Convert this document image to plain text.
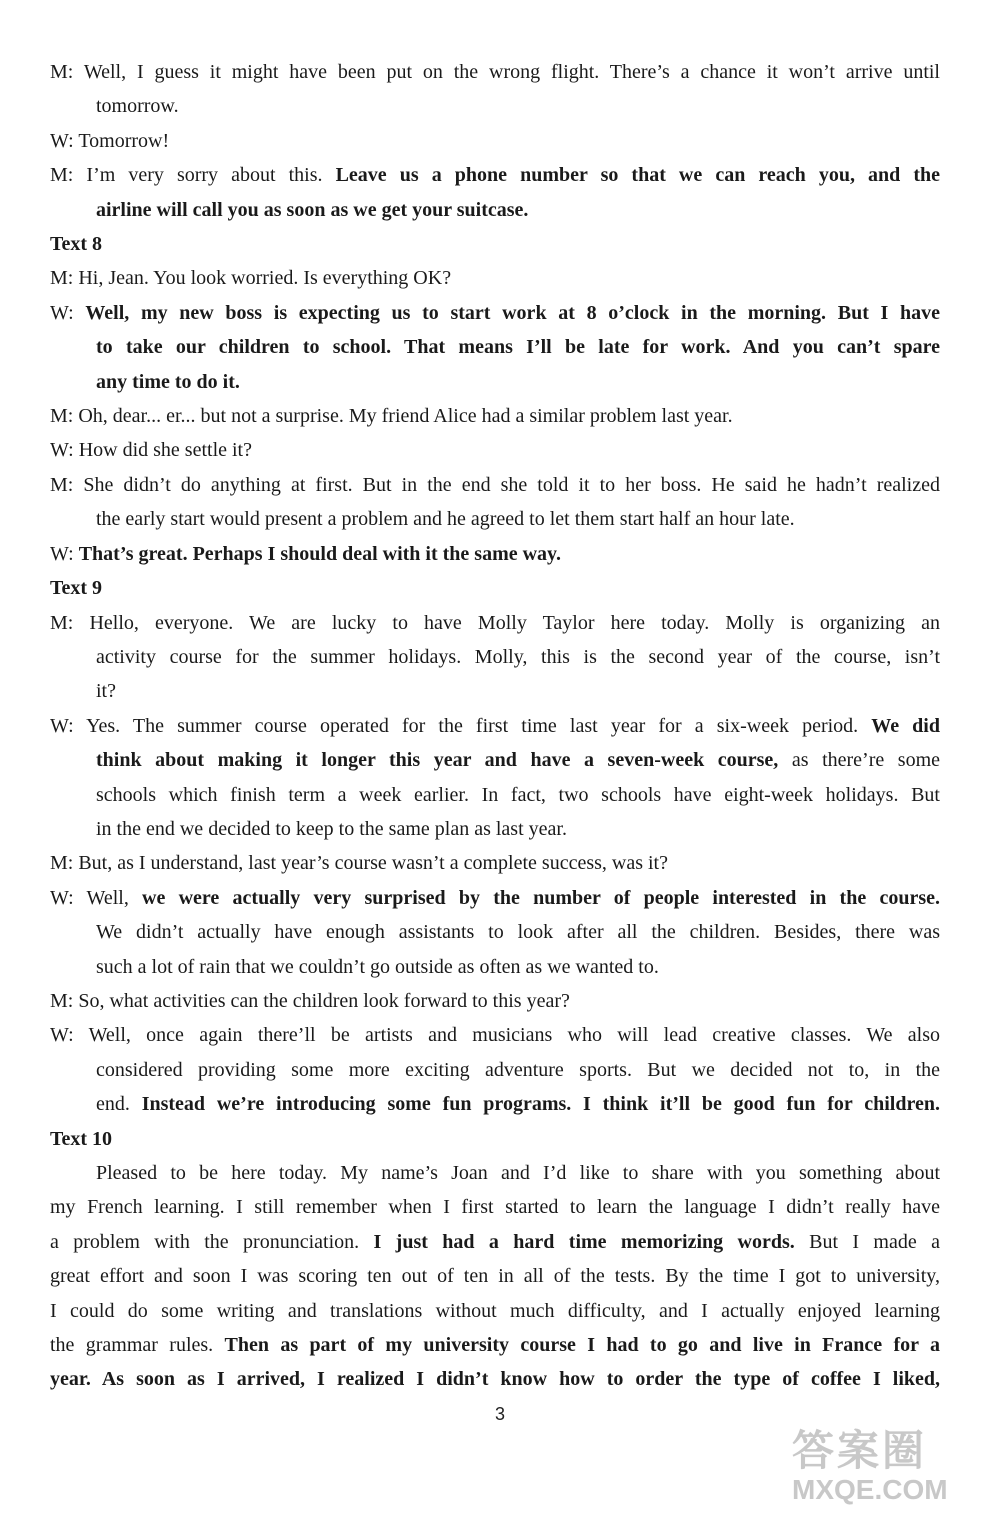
M: Well, I guess it might have been put on the wrong flight. There’s a chance it won’t arrive until
tomorrow.
W: Tomorrow!
M: I’m very sorry about this. Leave us a phone number so that we can reach you, and the
airline will call you as soon as we get your suitcase.
Text 8
M: Hi, Jean. You look worried. Is everything OK?
W: Well, my new boss is expecting us to start work at 8 o’clock in the morning. But I have
to take our children to school. That means I’ll be late for work. And you can’t spare
any time to do it.
M: Oh, dear... er... but not a surprise. My friend Alice had a similar problem last year.
W: How did she settle it?
M: She didn’t do anything at first. But in the end she told it to her boss. He said he hadn’t realized
the early start would present a problem and he agreed to let them start half an hour late.
W: That’s great. Perhaps I should deal with it the same way.
Text 9
M: Hello, everyone. We are lucky to have Molly Taylor here today. Molly is organizing an
activity course for the summer holidays. Molly, this is the second year of the course, isn’t
it?
W: Yes. The summer course operated for the first time last year for a six-week period. We did
think about making it longer this year and have a seven-week course, as there’re some
schools which finish term a week earlier. In fact, two schools have eight-week holidays. But
in the end we decided to keep to the same plan as last year.
M: But, as I understand, last year’s course wasn’t a complete success, was it?
W: Well, we were actually very surprised by the number of people interested in the course.
We didn’t actually have enough assistants to look after all the children. Besides, there was
such a lot of rain that we couldn’t go outside as often as we wanted to.
M: So, what activities can the children look forward to this year?
W: Well, once again there’ll be artists and musicians who will lead creative classes. We also
considered providing some more exciting adventure sports. But we decided not to, in the
end. Instead we’re introducing some fun programs. I think it’ll be good fun for children.
Text 10
Pleased to be here today. My name’s Joan and I’d like to share with you something about
my French learning. I still remember when I first started to learn the language I didn’t really have
a problem with the pronunciation. I just had a hard time memorizing words. But I made a
great effort and soon I was scoring ten out of ten in all of the tests. By the time I got to university,
I could do some writing and translations without much difficulty, and I actually enjoyed learning
the grammar rules. Then as part of my university course I had to go and live in France for a
year. As soon as I arrived, I realized I didn’t know how to order the type of coffee I liked,
3
答案圈
MXQE.COM
